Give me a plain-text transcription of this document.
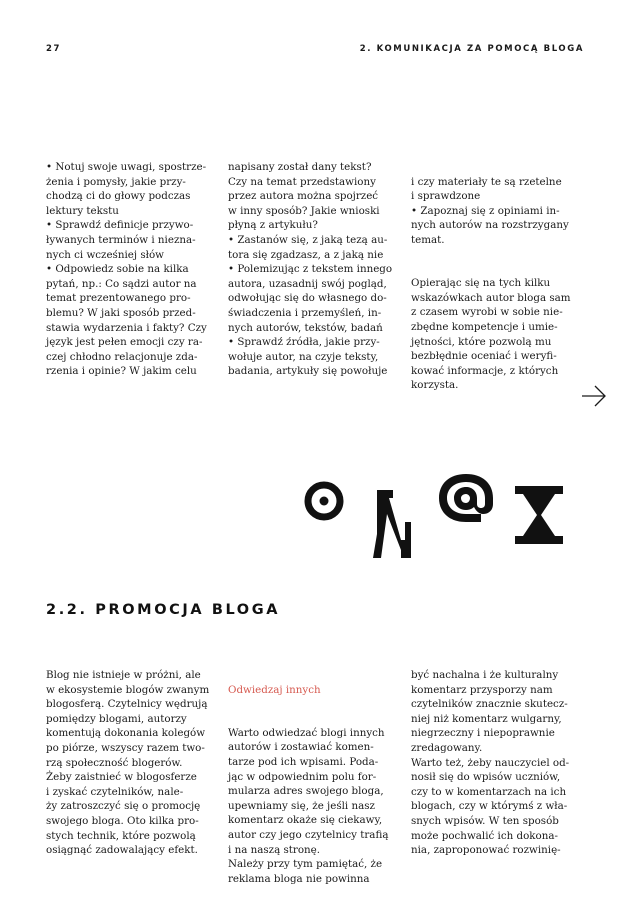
27	2. KOMUNIKACJA ZA POMOCĄ BLOGA
• Notuj swoje uwagi, spostrze-
żenia i pomysły, jakie przy-
chodzą ci do głowy podczas
lektury tekstu
• Sprawdź definicje przywo-
ływanych terminów i niezna-
nych ci wcześniej słów
• Odpowiedz sobie na kilka
pytań, np.: Co sądzi autor na
temat prezentowanego pro-
blemu? W jaki sposób przed-
stawia wydarzenia i fakty? Czy
język jest pełen emocji czy ra-
czej chłodno relacjonuje zda-
rzenia i opinie? W jakim celu
napisany został dany tekst?
Czy na temat przedstawiony
przez autora można spojrzeć
w inny sposób? Jakie wnioski
płyną z artykułu?
• Zastanów się, z jaką tezą au-
tora się zgadzasz, a z jaką nie
• Polemizując z tekstem innego
autora, uzasadnij swój pogląd,
odwołując się do własnego do-
świadczenia i przemyśleń, in-
nych autorów, tekstów, badań
• Sprawdź źródła, jakie przy-
wołuje autor, na czyje teksty,
badania, artykuły się powołuje

i czy materiały te są rzetelne
i sprawdzone
• Zapoznaj się z opiniami in-
nych autorów na rozstrzygany
temat.

Opierając się na tych kilku
wskazówkach autor bloga sam
z czasem wyrobi w sobie nie-
zbędne kompetencje i umie-
jętności, które pozwolą mu
bezbłędnie oceniać i weryfi-
kować informacje, z których
korzysta.

2.2. PROMOCJA BLOGA
Blog nie istnieje w próżni, ale
w ekosystemie blogów zwanym
blogosferą. Czytelnicy wędrują
pomiędzy blogami, autorzy
komentują dokonania kolegów
po piórze, wszyscy razem two-
rzą społeczność blogerów.
Żeby zaistnieć w blogosferze
i zyskać czytelników, nale-
ży zatroszczyć się o promocję
swojego bloga. Oto kilka pro-
stych technik, które pozwolą
osiągnąć zadowalający efekt.

Odwiedzaj innych

Warto odwiedzać blogi innych
autorów i zostawiać komen-
tarze pod ich wpisami. Poda-
jąc w odpowiednim polu for-
mularza adres swojego bloga,
upewniamy się, że jeśli nasz
komentarz okaże się ciekawy,
autor czy jego czytelnicy trafią
i na naszą stronę.
Należy przy tym pamiętać, że
reklama bloga nie powinna

być nachalna i że kulturalny
komentarz przysporzy nam
czytelników znacznie skutecz-
niej niż komentarz wulgarny,
niegrzeczny i niepoprawnie
zredagowany.
Warto też, żeby nauczyciel od-
nosił się do wpisów uczniów,
czy to w komentarzach na ich
blogach, czy w którymś z wła-
snych wpisów. W ten sposób
może pochwalić ich dokona-
nia, zaproponować rozwinię-
